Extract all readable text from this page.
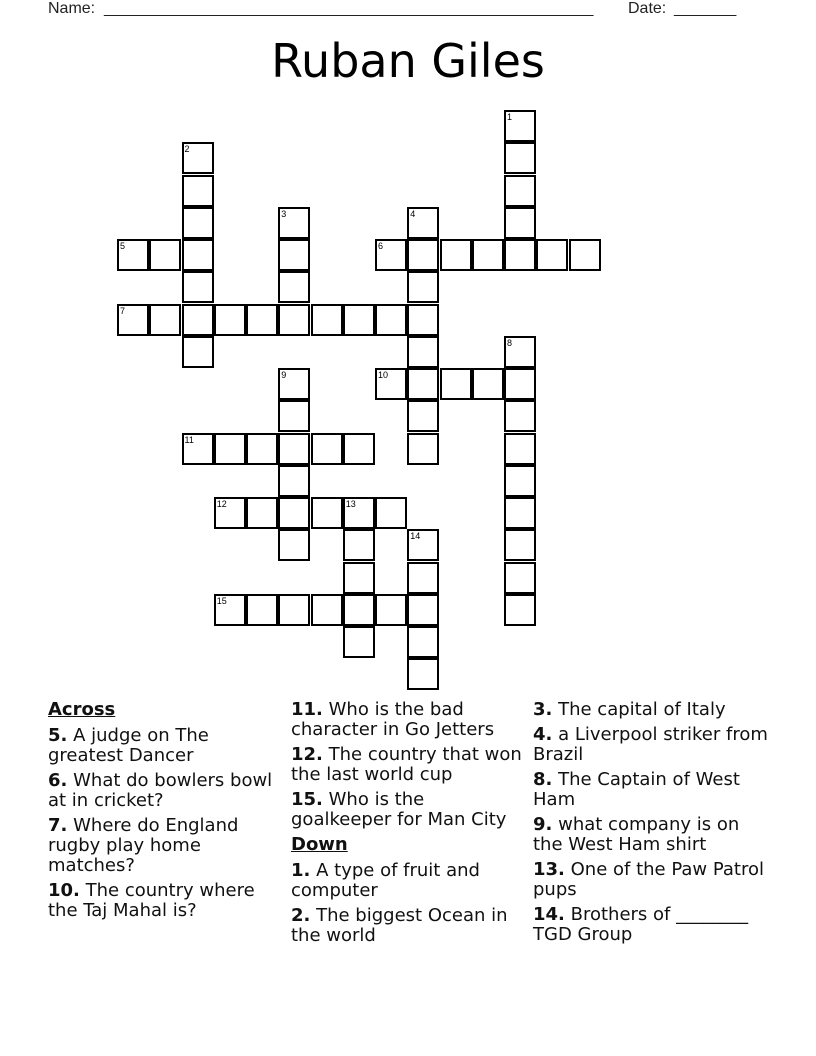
Name: _______________________________________________________ Date: _______
Ruban Giles
1
2
3	4
5	6
7
8
9	10
11
12	13
14
15
Across
5. A judge on The greatest Dancer
6. What do bowlers bowl at in cricket?
7. Where do England rugby play home matches?
10. The country where the Taj Mahal is?
11. Who is the bad character in Go Jetters
12. The country that won the last world cup
15. Who is the goalkeeper for Man City
Down
1. A type of fruit and computer
2. The biggest Ocean in the world
3. The capital of Italy
4. a Liverpool striker from Brazil
8. The Captain of West Ham
9. what company is on the West Ham shirt
13. One of the Paw Patrol pups
14. Brothers of ________ TGD Group
